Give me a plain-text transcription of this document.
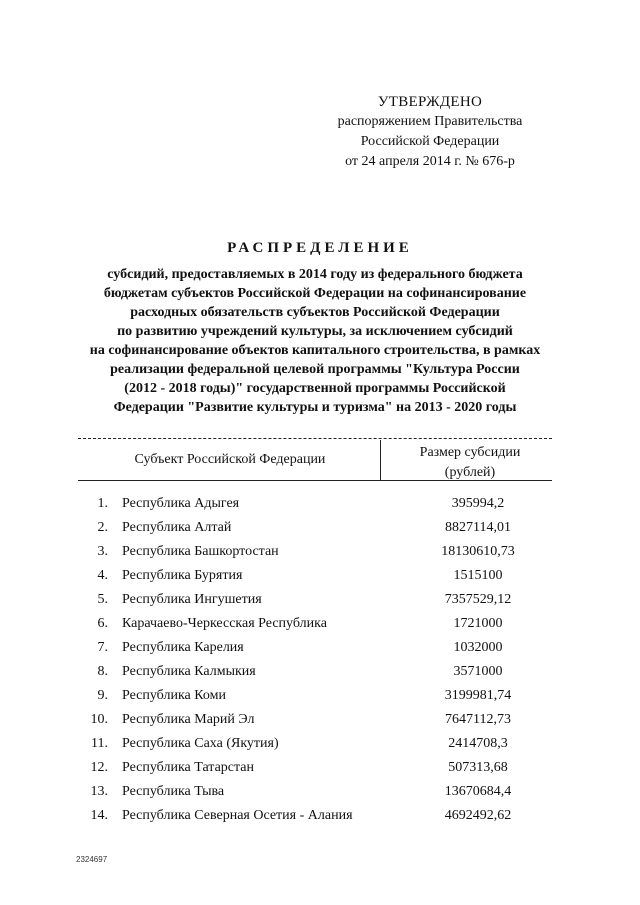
УТВЕРЖДЕНО
распоряжением Правительства
Российской Федерации
от 24 апреля 2014 г. № 676-р
РАСПРЕДЕЛЕНИЕ
субсидий, предоставляемых в 2014 году из федерального бюджета
бюджетам субъектов Российской Федерации на софинансирование
расходных обязательств субъектов Российской Федерации
по развитию учреждений культуры, за исключением субсидий
на софинансирование объектов капитального строительства, в рамках
реализации федеральной целевой программы "Культура России
(2012 - 2018 годы)" государственной программы Российской
Федерации "Развитие культуры и туризма" на 2013 - 2020 годы
Субъект Российской Федерации	Размер субсидии
(рублей)
1. Республика Адыгея	395994,2
2. Республика Алтай	8827114,01
3. Республика Башкортостан	18130610,73
4. Республика Бурятия	1515100
5. Республика Ингушетия	7357529,12
6. Карачаево-Черкесская Республика	1721000
7. Республика Карелия	1032000
8. Республика Калмыкия	3571000
9. Республика Коми	3199981,74
10. Республика Марий Эл	7647112,73
11. Республика Саха (Якутия)	2414708,3
12. Республика Татарстан	507313,68
13. Республика Тыва	13670684,4
14. Республика Северная Осетия - Алания	4692492,62
2324697
